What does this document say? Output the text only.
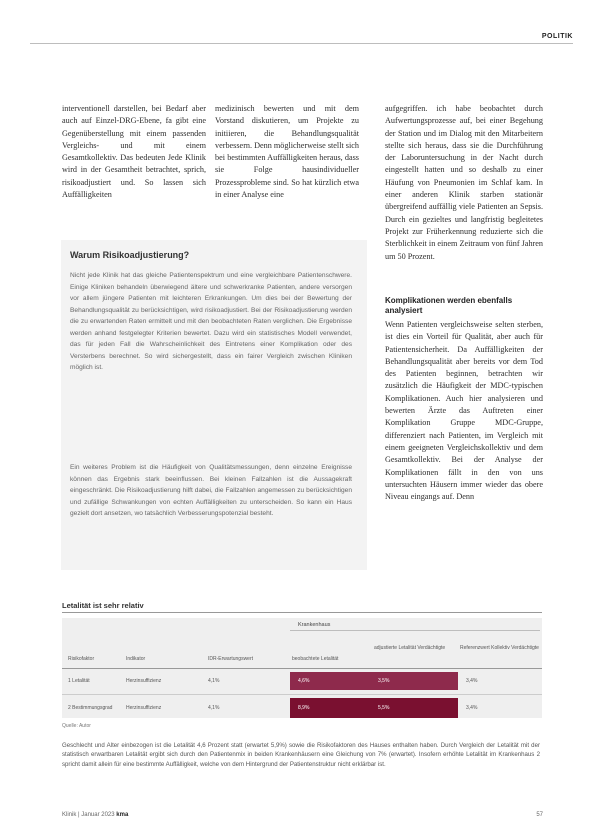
POLITIK

interventionell darstellen, bei Bedarf aber auch auf Einzel-DRG-Ebene, fa gibt eine Gegenüberstellung mit einem passenden Vergleichs- und mit einem Gesamtkollektiv. Das bedeuten Jede Klinik wird in der Gesamtheit betrachtet, sprich, risikoadjustiert und. So lassen sich Auffälligkeiten

medizinisch bewerten und mit dem Vorstand diskutieren, um Projekte zu initiieren, die Behandlungsqualität verbessern. Denn möglicherweise stellt sich bei bestimmten Auffälligkeiten heraus, dass sie Folge hausindividueller Prozessprobleme sind. So hat kürzlich etwa in einer Analyse eine

aufgegriffen. ich habe beobachtet durch Aufwertungsprozesse auf, bei einer Begehung der Station und im Dialog mit den Mitarbeitern stellte sich heraus, dass sie die Durchführung der Laboruntersuchung in der Nacht durch eingestellt hatten und so deshalb zu einer Häufung von Pneumonien im Schlaf kam. In einer anderen Klinik starben stationär übergreifend auffällig viele Patienten an Sepsis. Durch ein gezieltes und langfristig begleitetes Projekt zur Früherkennung reduzierte sich die Sterblichkeit in einem Zeitraum von fünf Jahren um 50 Prozent.

Komplikationen werden ebenfalls analysiert

Wenn Patienten vergleichsweise selten sterben, ist dies ein Vorteil für Qualität, aber auch für Patientensicherheit. Da Auffälligkeiten der Behandlungsqualität aber bereits vor dem Tod des Patienten beginnen, betrachten wir zusätzlich die Häufigkeit der MDC-typischen Komplikationen. Auch hier analysieren und bewerten Ärzte das Auftreten einer Komplikation Gruppe MDC-Gruppe, differenziert nach Patienten, im Vergleich mit einem geeigneten Vergleichskollektiv und dem Gesamtkollektiv. Bei der Analyse der Komplikationen fällt in den von uns untersuchten Häusern immer wieder das obere Niveau eingangs auf. Denn

Warum Risikoadjustierung?
Nicht jede Klinik hat das gleiche Patientenspektrum und eine vergleichbare Patientenschwere. Einige Kliniken behandeln überwiegend ältere und schwerkranke Patienten, andere versorgen vor allem jüngere Patienten mit leichteren Erkrankungen. Um dies bei der Bewertung der Behandlungsqualität zu berücksichtigen, wird risikoadjustiert. Bei der Risikoadjustierung werden die zu erwartenden Raten ermittelt und mit den beobachteten Raten verglichen. Die Ergebnisse werden anhand festgelegter Kriterien bewertet. Dazu wird ein statistisches Modell verwendet, das für jeden Fall die Wahrscheinlichkeit des Eintretens einer Komplikation oder des Versterbens berechnet. So wird sichergestellt, dass ein fairer Vergleich zwischen Kliniken möglich ist.
Ein weiteres Problem ist die Häufigkeit von Qualitätsmessungen, denn einzelne Ereignisse können das Ergebnis stark beeinflussen. Bei kleinen Fallzahlen ist die Aussagekraft eingeschränkt. Die Risikoadjustierung hilft dabei, die Fallzahlen angemessen zu berücksichtigen und zufällige Schwankungen von echten Auffälligkeiten zu unterscheiden. So kann ein Haus gezielt dort ansetzen, wo tatsächlich Verbesserungspotenzial besteht.
Letalität ist sehr relativ
Krankenhaus
Risikofaktor	Indikator	IDR-Erwartungswert	beobachtete Letalität
adjustierte Letalität Verdächtigte	Referenzwert Kollektiv Verdächtigte
1 Letalität	Herzinsuffizienz	4,1%	4,6%	3,5%	3,4%
2 Bestimmungsgrad	Herzinsuffizienz	4,1%	8,9%	5,5%	3,4%
Quelle: Autor
Geschlecht und Alter einbezogen ist die Letalität 4,6 Prozent statt (erwartet 5,9%) sowie die Risikofaktoren des Hauses enthalten haben. Durch Vergleich der Letalität mit der statistisch erwartbaren Letalität ergibt sich durch den Patientenmix in beiden Krankenhäusern eine Gleichung von 7% (erwartet). Insofern erhöhte Letalität im Krankenhaus 2 spricht damit allein für eine bestimmte Auffälligkeit, welche von dem Hintergrund der Patientenstruktur nicht erklärbar ist.
Klinik | Januar 2023 kma	57
